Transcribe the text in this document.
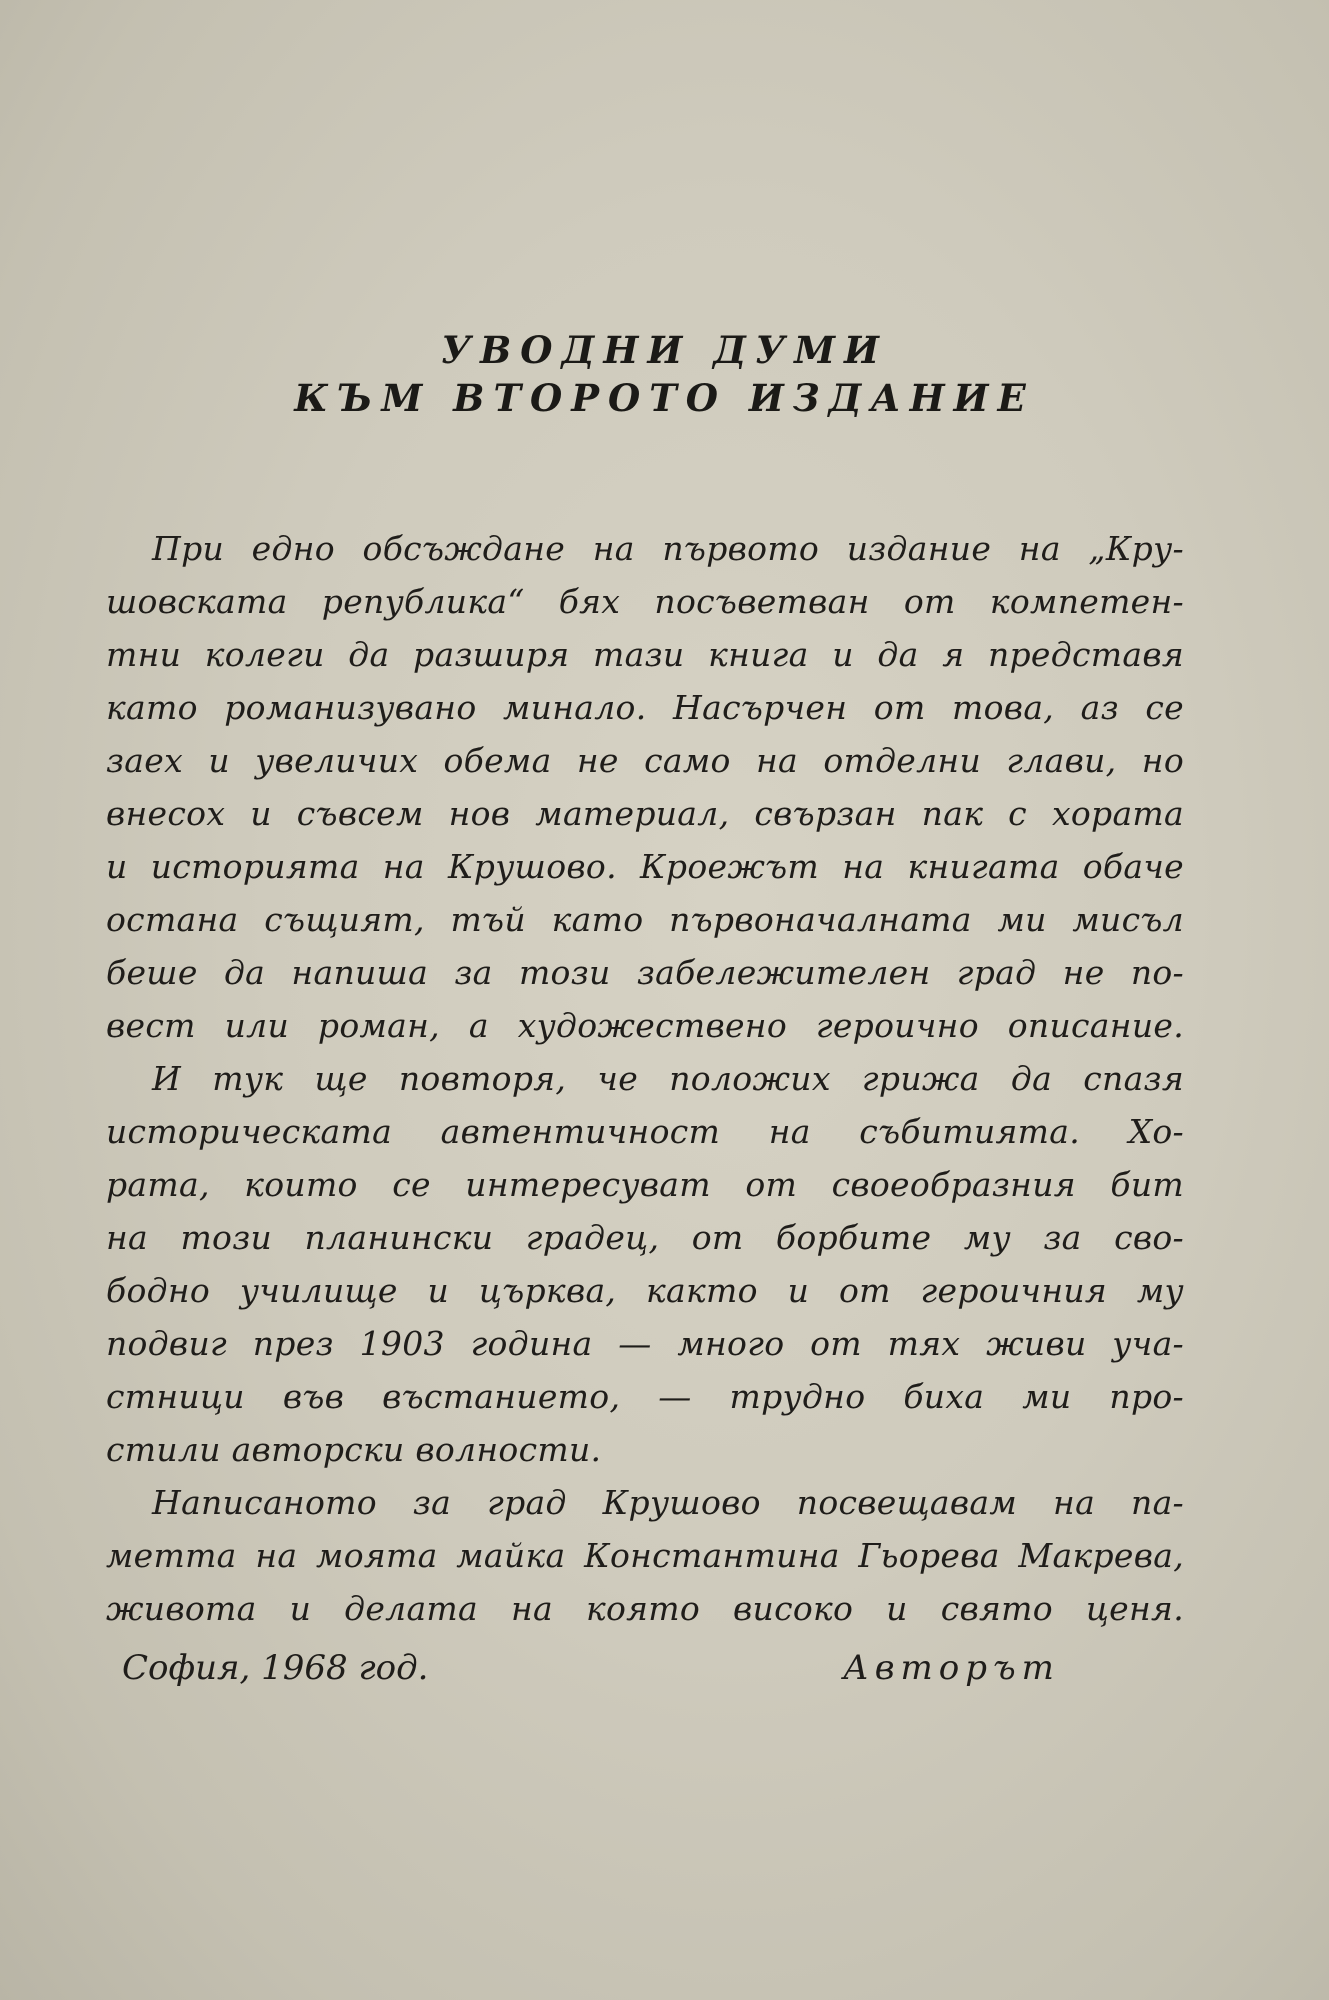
УВОДНИ ДУМИ
КЪМ ВТОРОТО ИЗДАНИЕ
При едно обсъждане на първото издание на „Кру-
шовската република“ бях посъветван от компетен-
тни колеги да разширя тази книга и да я представя
като романизувано минало. Насърчен от това, аз се
заех и увеличих обема не само на отделни глави, но
внесох и съвсем нов материал, свързан пак с хората
и историята на Крушово. Кроежът на книгата обаче
остана същият, тъй като първоначалната ми мисъл
беше да напиша за този забележителен град не по-
вест или роман, а художествено героично описание.
И тук ще повторя, че положих грижа да спазя
историческата автентичност на събитията. Хо-
рата, които се интересуват от своеобразния бит
на този планински градец, от борбите му за сво-
бодно училище и църква, както и от героичния му
подвиг през 1903 година — много от тях живи уча-
стници във въстанието, — трудно биха ми про-
стили авторски волности.
Написаното за град Крушово посвещавам на па-
метта на моята майка Константина Гьорева Макрева,
живота и делата на която високо и свято ценя.
София, 1968 год.	Авторът
